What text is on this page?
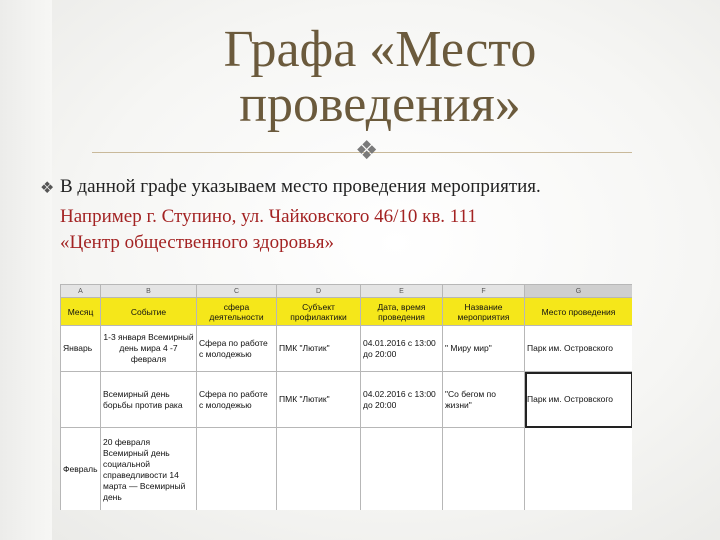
Графа «Место
проведения»
❖
❖ В данной графе указываем место проведения мероприятия.
Например г. Ступино, ул. Чайковского 46/10 кв. 111
«Центр общественного здоровья»
A	B	C	D	E	F	G
Месяц	Событие	сфера деятельности	Субъект профилактики	Дата, время проведения	Название мероприятия	Место проведения
Январь	1-3 января Всемирный день мира 4 -7 февраля	Сфера по работе с молодежью	ПМК "Лютик"	04.01.2016 с 13:00 до 20:00	" Миру мир"	Парк им. Островского
	Всемирный день борьбы против рака	Сфера по работе с молодежью	ПМК "Лютик"	04.02.2016 с 13:00 до 20:00	"Со бегом по жизни"	Парк им. Островского
Февраль	20 февраля Всемирный день социальной справедливости 14 марта — Всемирный день					
